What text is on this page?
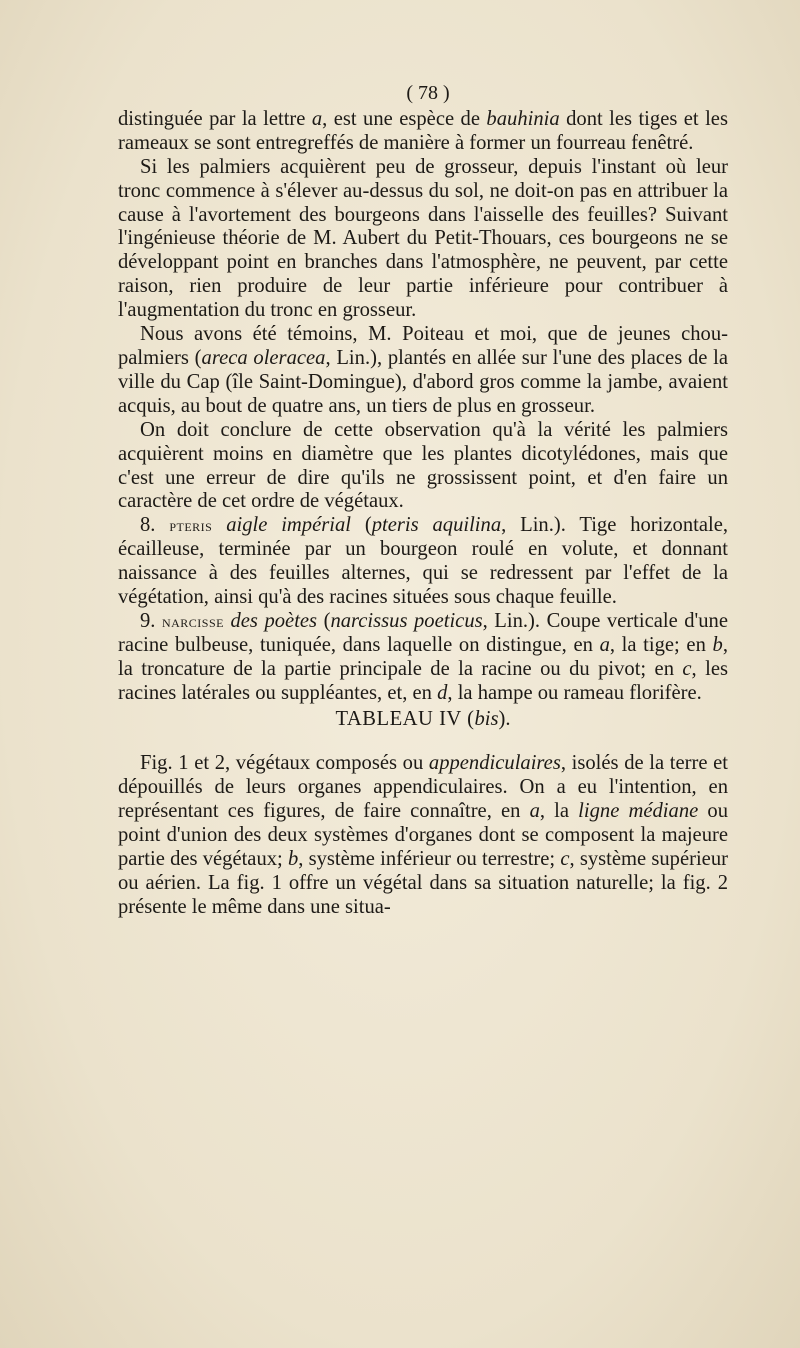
( 78 )

distinguée par la lettre a, est une espèce de bauhinia dont les tiges et les rameaux se sont entregreffés de manière à former un fourreau fenêtré.

Si les palmiers acquièrent peu de grosseur, depuis l'instant où leur tronc commence à s'élever au-dessus du sol, ne doit-on pas en attribuer la cause à l'avortement des bourgeons dans l'aisselle des feuilles? Suivant l'ingénieuse théorie de M. Aubert du Petit-Thouars, ces bourgeons ne se développant point en branches dans l'atmosphère, ne peuvent, par cette raison, rien produire de leur partie inférieure pour contribuer à l'augmentation du tronc en grosseur.

Nous avons été témoins, M. Poiteau et moi, que de jeunes chou-palmiers (areca oleracea, Lin.), plantés en allée sur l'une des places de la ville du Cap (île Saint-Domingue), d'abord gros comme la jambe, avaient acquis, au bout de quatre ans, un tiers de plus en grosseur.

On doit conclure de cette observation qu'à la vérité les palmiers acquièrent moins en diamètre que les plantes dicotylédones, mais que c'est une erreur de dire qu'ils ne grossissent point, et d'en faire un caractère de cet ordre de végétaux.

8. pteris aigle impérial (pteris aquilina, Lin.). Tige horizontale, écailleuse, terminée par un bourgeon roulé en volute, et donnant naissance à des feuilles alternes, qui se redressent par l'effet de la végétation, ainsi qu'à des racines situées sous chaque feuille.

9. narcisse des poètes (narcissus poeticus, Lin.). Coupe verticale d'une racine bulbeuse, tuniquée, dans laquelle on distingue, en a, la tige; en b, la troncature de la partie principale de la racine ou du pivot; en c, les racines latérales ou suppléantes, et, en d, la hampe ou rameau florifère.

TABLEAU IV (bis).

Fig. 1 et 2, végétaux composés ou appendiculaires, isolés de la terre et dépouillés de leurs organes appendiculaires. On a eu l'intention, en représentant ces figures, de faire connaître, en a, la ligne médiane ou point d'union des deux systèmes d'organes dont se composent la majeure partie des végétaux; b, système inférieur ou terrestre; c, système supérieur ou aérien. La fig. 1 offre un végétal dans sa situation naturelle; la fig. 2 présente le même dans une situa-
